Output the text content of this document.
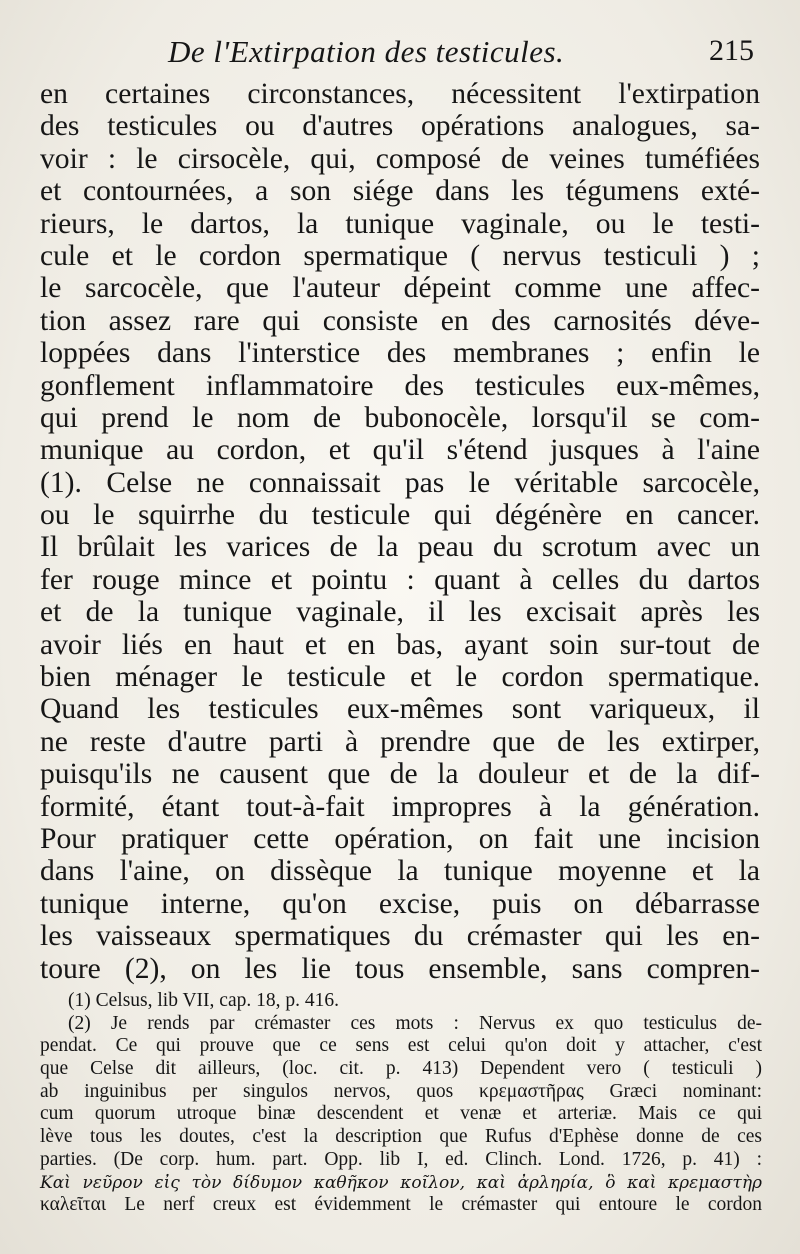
De l'Extirpation des testicules.	215
en certaines circonstances, nécessitent l'extirpation
des testicules ou d'autres opérations analogues, sa-
voir : le cirsocèle, qui, composé de veines tuméfiées
et contournées, a son siége dans les tégumens exté-
rieurs, le dartos, la tunique vaginale, ou le testi-
cule et le cordon spermatique ( nervus testiculi ) ;
le sarcocèle, que l'auteur dépeint comme une affec-
tion assez rare qui consiste en des carnosités déve-
loppées dans l'interstice des membranes ; enfin le
gonflement inflammatoire des testicules eux-mêmes,
qui prend le nom de bubonocèle, lorsqu'il se com-
munique au cordon, et qu'il s'étend jusques à l'aine
(1). Celse ne connaissait pas le véritable sarcocèle,
ou le squirrhe du testicule qui dégénère en cancer.
Il brûlait les varices de la peau du scrotum avec un
fer rouge mince et pointu : quant à celles du dartos
et de la tunique vaginale, il les excisait après les
avoir liés en haut et en bas, ayant soin sur-tout de
bien ménager le testicule et le cordon spermatique.
Quand les testicules eux-mêmes sont variqueux, il
ne reste d'autre parti à prendre que de les extirper,
puisqu'ils ne causent que de la douleur et de la dif-
formité, étant tout-à-fait impropres à la génération.
Pour pratiquer cette opération, on fait une incision
dans l'aine, on dissèque la tunique moyenne et la
tunique interne, qu'on excise, puis on débarrasse
les vaisseaux spermatiques du crémaster qui les en-
toure (2), on les lie tous ensemble, sans compren-
(1) Celsus, lib VII, cap. 18, p. 416.
(2) Je rends par crémaster ces mots : Nervus ex quo testiculus de-
pendat. Ce qui prouve que ce sens est celui qu'on doit y attacher, c'est
que Celse dit ailleurs, (loc. cit. p. 413) Dependent vero ( testiculi )
ab inguinibus per singulos nervos, quos κρεμαστῆρας Græci nominant:
cum quorum utroque binæ descendent et venæ et arteriæ. Mais ce qui
lève tous les doutes, c'est la description que Rufus d'Ephèse donne de ces
parties. (De corp. hum. part. Opp. lib I, ed. Clinch. Lond. 1726, p. 41) :
Καὶ νεῦρον εἰς τὸν δίδυμον καθῆκον κοῖλον, καὶ ἀρληρία, ὃ καὶ κρεμαστὴρ
καλεῖται Le nerf creux est évidemment le crémaster qui entoure le cordon
